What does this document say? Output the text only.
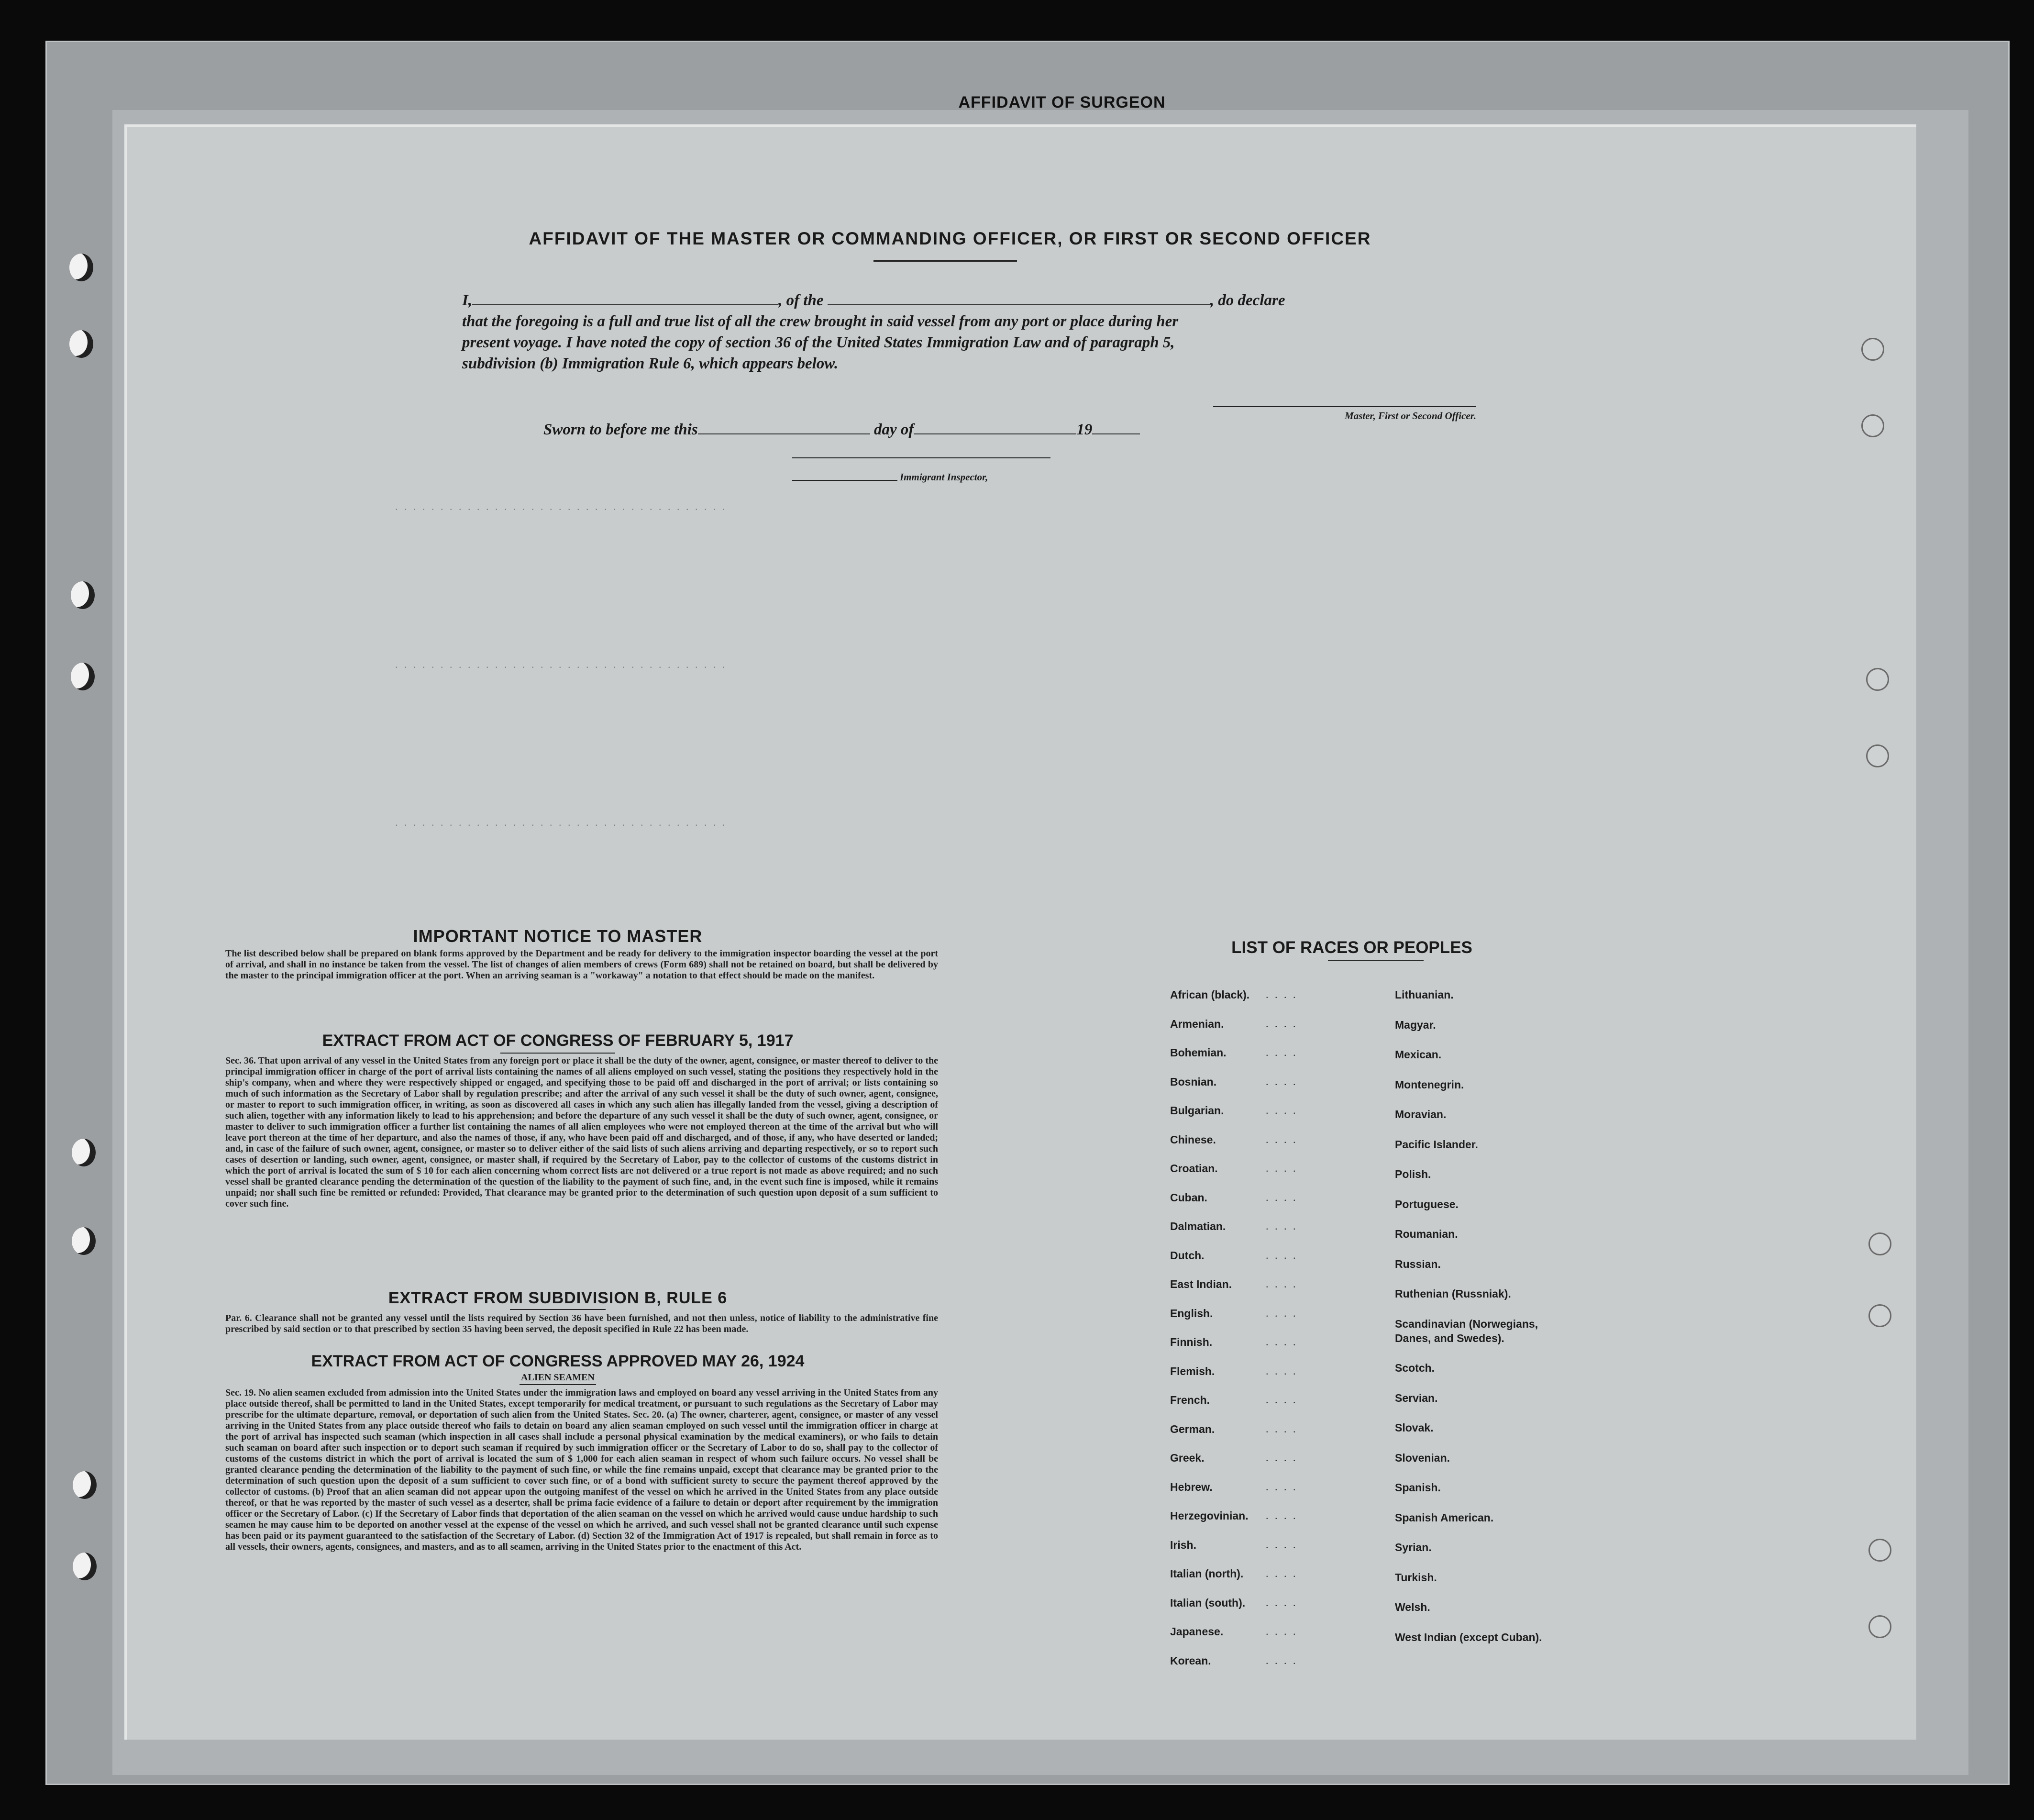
AFFIDAVIT OF SURGEON
AFFIDAVIT OF THE MASTER OR COMMANDING OFFICER, OR FIRST OR SECOND OFFICER
I,	, of the	, do declare
that the foregoing is a full and true list of all the crew brought in said vessel from any port or place during her
present voyage. I have noted the copy of section 36 of the United States Immigration Law and of paragraph 5,
subdivision (b) Immigration Rule 6, which appears below.
Master, First or Second Officer.
Sworn to before me this	day of	19
Immigrant Inspector,
. . . . . . . . . . . . . . . . . . . . . . . . . . . . . . . . . . . . .
. . . . . . . . . . . . . . . . . . . . . . . . . . . . . . . . . . . . .
. . . . . . . . . . . . . . . . . . . . . . . . . . . . . . . . . . . . .
IMPORTANT NOTICE TO MASTER
The list described below shall be prepared on blank forms approved by the Department and be ready for delivery to the immigration inspector boarding the vessel at the port of arrival, and shall in no instance be taken from the vessel. The list of changes of alien members of crews (Form 689) shall not be retained on board, but shall be delivered by the master to the principal immigration officer at the port. When an arriving seaman is a "workaway" a notation to that effect should be made on the manifest.
EXTRACT FROM ACT OF CONGRESS OF FEBRUARY 5, 1917
Sec. 36. That upon arrival of any vessel in the United States from any foreign port or place it shall be the duty of the owner, agent, consignee, or master thereof to deliver to the principal immigration officer in charge of the port of arrival lists containing the names of all aliens employed on such vessel, stating the positions they respectively hold in the ship's company, when and where they were respectively shipped or engaged, and specifying those to be paid off and discharged in the port of arrival; or lists containing so much of such information as the Secretary of Labor shall by regulation prescribe; and after the arrival of any such vessel it shall be the duty of such owner, agent, consignee, or master to report to such immigration officer, in writing, as soon as discovered all cases in which any such alien has illegally landed from the vessel, giving a description of such alien, together with any information likely to lead to his apprehension; and before the departure of any such vessel it shall be the duty of such owner, agent, consignee, or master to deliver to such immigration officer a further list containing the names of all alien employees who were not employed thereon at the time of the arrival but who will leave port thereon at the time of her departure, and also the names of those, if any, who have been paid off and discharged, and of those, if any, who have deserted or landed; and, in case of the failure of such owner, agent, consignee, or master so to deliver either of the said lists of such aliens arriving and departing respectively, or so to report such cases of desertion or landing, such owner, agent, consignee, or master shall, if required by the Secretary of Labor, pay to the collector of customs of the customs district in which the port of arrival is located the sum of $ 10 for each alien concerning whom correct lists are not delivered or a true report is not made as above required; and no such vessel shall be granted clearance pending the determination of the question of the liability to the payment of such fine, and, in the event such fine is imposed, while it remains unpaid; nor shall such fine be remitted or refunded: Provided, That clearance may be granted prior to the determination of such question upon deposit of a sum sufficient to cover such fine.
EXTRACT FROM SUBDIVISION B, RULE 6
Par. 6. Clearance shall not be granted any vessel until the lists required by Section 36 have been furnished, and not then unless, notice of liability to the administrative fine prescribed by said section or to that prescribed by section 35 having been served, the deposit specified in Rule 22 has been made.
EXTRACT FROM ACT OF CONGRESS APPROVED MAY 26, 1924
ALIEN SEAMEN
Sec. 19. No alien seamen excluded from admission into the United States under the immigration laws and employed on board any vessel arriving in the United States from any place outside thereof, shall be permitted to land in the United States, except temporarily for medical treatment, or pursuant to such regulations as the Secretary of Labor may prescribe for the ultimate departure, removal, or deportation of such alien from the United States. Sec. 20. (a) The owner, charterer, agent, consignee, or master of any vessel arriving in the United States from any place outside thereof who fails to detain on board any alien seaman employed on such vessel until the immigration officer in charge at the port of arrival has inspected such seaman (which inspection in all cases shall include a personal physical examination by the medical examiners), or who fails to detain such seaman on board after such inspection or to deport such seaman if required by such immigration officer or the Secretary of Labor to do so, shall pay to the collector of customs of the customs district in which the port of arrival is located the sum of $ 1,000 for each alien seaman in respect of whom such failure occurs. No vessel shall be granted clearance pending the determination of the liability to the payment of such fine, or while the fine remains unpaid, except that clearance may be granted prior to the determination of such question upon the deposit of a sum sufficient to cover such fine, or of a bond with sufficient surety to secure the payment thereof approved by the collector of customs. (b) Proof that an alien seaman did not appear upon the outgoing manifest of the vessel on which he arrived in the United States from any place outside thereof, or that he was reported by the master of such vessel as a deserter, shall be prima facie evidence of a failure to detain or deport after requirement by the immigration officer or the Secretary of Labor. (c) If the Secretary of Labor finds that deportation of the alien seaman on the vessel on which he arrived would cause undue hardship to such seamen he may cause him to be deported on another vessel at the expense of the vessel on which he arrived, and such vessel shall not be granted clearance until such expense has been paid or its payment guaranteed to the satisfaction of the Secretary of Labor. (d) Section 32 of the Immigration Act of 1917 is repealed, but shall remain in force as to all vessels, their owners, agents, consignees, and masters, and as to all seamen, arriving in the United States prior to the enactment of this Act.
LIST OF RACES OR PEOPLES
African (black). . . . .
Armenian.	. . . .
Bohemian.	. . . .
Bosnian.	. . . .
Bulgarian.	. . . .
Chinese.	. . . .
Croatian.	. . . .
Cuban.	. . . .
Dalmatian.	. . . .
Dutch.	. . . .
East Indian.	. . . .
English.	. . . .
Finnish.	. . . .
Flemish.	. . . .
French.	. . . .
German.	. . . .
Greek.	. . . .
Hebrew.	. . . .
Herzegovinian. . . . .
Irish.	. . . .
Italian (north). . . . .
Italian (south). . . . .
Japanese.	. . . .
Korean.	. . . .
Lithuanian.
Magyar.
Mexican.
Montenegrin.
Moravian.
Pacific Islander.
Polish.
Portuguese.
Roumanian.
Russian.
Ruthenian (Russniak).
Scandinavian (Norwegians,
Danes, and Swedes).
Scotch.
Servian.
Slovak.
Slovenian.
Spanish.
Spanish American.
Syrian.
Turkish.
Welsh.
West Indian (except Cuban).
